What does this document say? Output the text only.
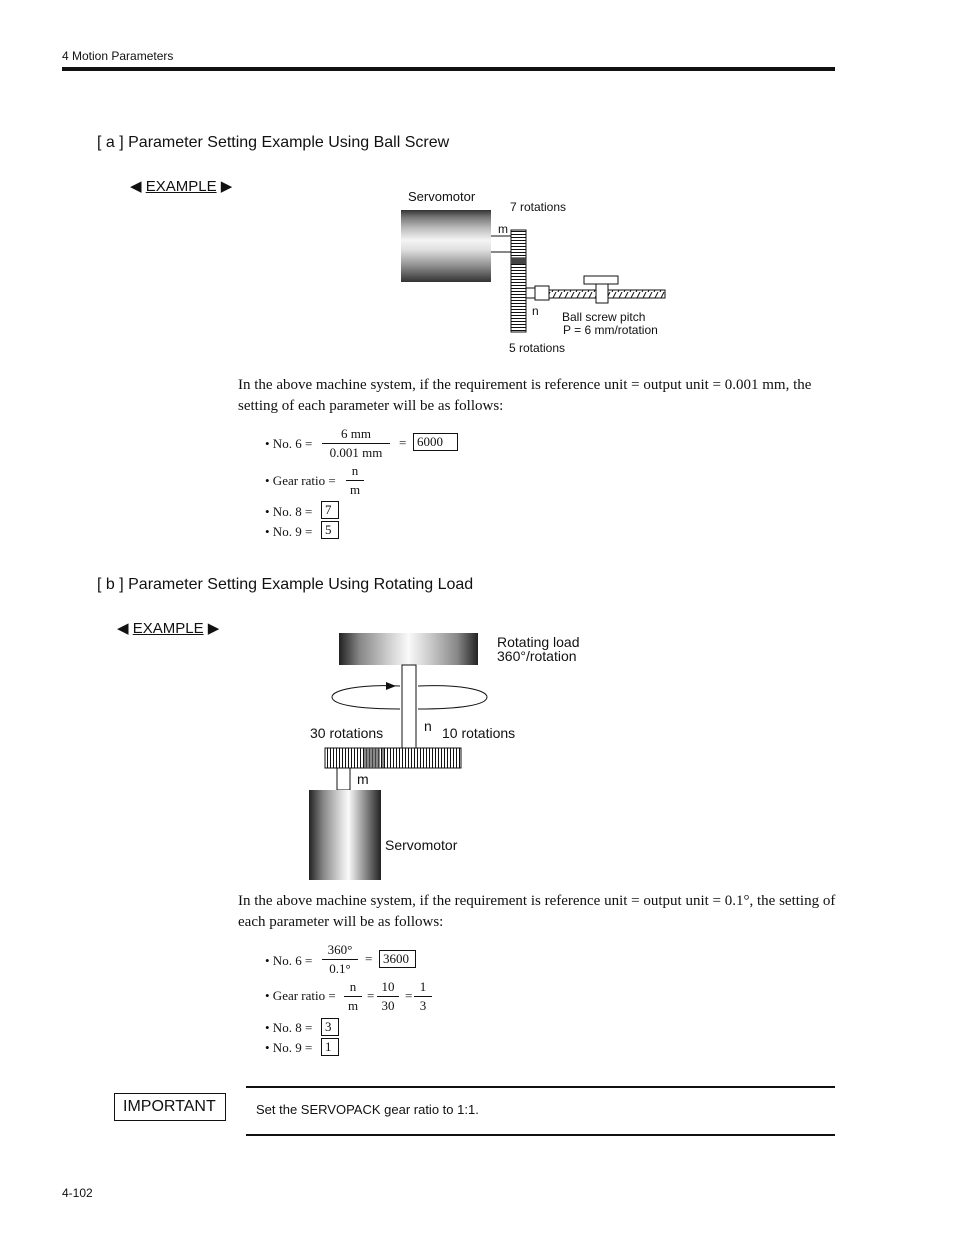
4 Motion Parameters
[ a ] Parameter Setting Example Using Ball Screw
◀ EXAMPLE ▶
Servomotor
7 rotations
m
n Ball screw pitch
P = 6 mm/rotation
5 rotations
In the above machine system, if the requirement is reference unit = output unit = 0.001 mm, the
setting of each parameter will be as follows:
• No. $6 = \frac{6 mm}{0.001 mm} = 6000$
• Gear ratio = $\frac{n}{m}$
• No. 8 = 7
• No. 9 = 5
[ b ] Parameter Setting Example Using Rotating Load
◀ EXAMPLE ▶
Rotating load
360°/rotation
30 rotations	n 10 rotations
m
Servomotor
In the above machine system, if the requirement is reference unit = output unit = 0.1°, the setting of
each parameter will be as follows:
• No. $6 = \frac{360^\circ}{0.1^\circ} = 3600$
• Gear ratio = $\frac{n}{m} = \frac{10}{30} = \frac{1}{3}$
• No. 8 = 3
• No. 9 = 1
IMPORTANT	Set the SERVOPACK gear ratio to 1:1.
4-102
